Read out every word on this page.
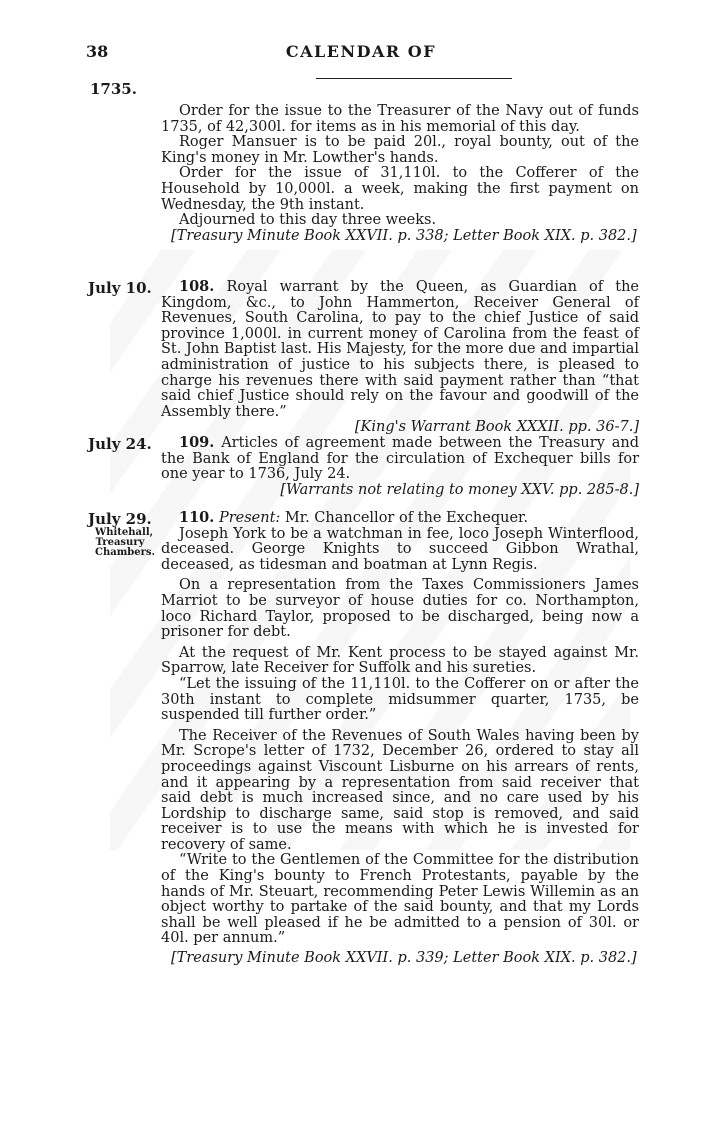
38	CALENDAR OF
1735.

Order for the issue to the Treasurer of the Navy out of funds 1735, of 42,300l. for items as in his memorial of this day.

Roger Mansuer is to be paid 20l., royal bounty, out of the King's money in Mr. Lowther's hands.

Order for the issue of 31,110l. to the Cofferer of the Household by 10,000l. a week, making the first payment on Wednesday, the 9th instant.

Adjourned to this day three weeks.

[Treasury Minute Book XXVII. p. 338; Letter Book XIX. p. 382.]

July 10.	108. Royal warrant by the Queen, as Guardian of the Kingdom, &c., to John Hammerton, Receiver General of Revenues, South Carolina, to pay to the chief Justice of said province 1,000l. in current money of Carolina from the feast of St. John Baptist last. His Majesty, for the more due and impartial administration of justice to his subjects there, is pleased to charge his revenues there with said payment rather than “that said chief Justice should rely on the favour and goodwill of the Assembly there.”

[King's Warrant Book XXXII. pp. 36-7.]

July 24.	109. Articles of agreement made between the Treasury and the Bank of England for the circulation of Exchequer bills for one year to 1736, July 24.

[Warrants not relating to money XXV. pp. 285-8.]

July 29.
Whitehall,
Treasury
Chambers.

110. Present: Mr. Chancellor of the Exchequer.

Joseph York to be a watchman in fee, loco Joseph Winterflood, deceased. George Knights to succeed Gibbon Wrathal, deceased, as tidesman and boatman at Lynn Regis.

On a representation from the Taxes Commissioners James Marriot to be surveyor of house duties for co. Northampton, loco Richard Taylor, proposed to be discharged, being now a prisoner for debt.

At the request of Mr. Kent process to be stayed against Mr. Sparrow, late Receiver for Suffolk and his sureties.

“Let the issuing of the 11,110l. to the Cofferer on or after the 30th instant to complete midsummer quarter, 1735, be suspended till further order.”

The Receiver of the Revenues of South Wales having been by Mr. Scrope's letter of 1732, December 26, ordered to stay all proceedings against Viscount Lisburne on his arrears of rents, and it appearing by a representation from said receiver that said debt is much increased since, and no care used by his Lordship to discharge same, said stop is removed, and said receiver is to use the means with which he is invested for recovery of same.

“Write to the Gentlemen of the Committee for the distribution of the King's bounty to French Protestants, payable by the hands of Mr. Steuart, recommending Peter Lewis Willemin as an object worthy to partake of the said bounty, and that my Lords shall be well pleased if he be admitted to a pension of 30l. or 40l. per annum.”

[Treasury Minute Book XXVII. p. 339; Letter Book XIX. p. 382.]
